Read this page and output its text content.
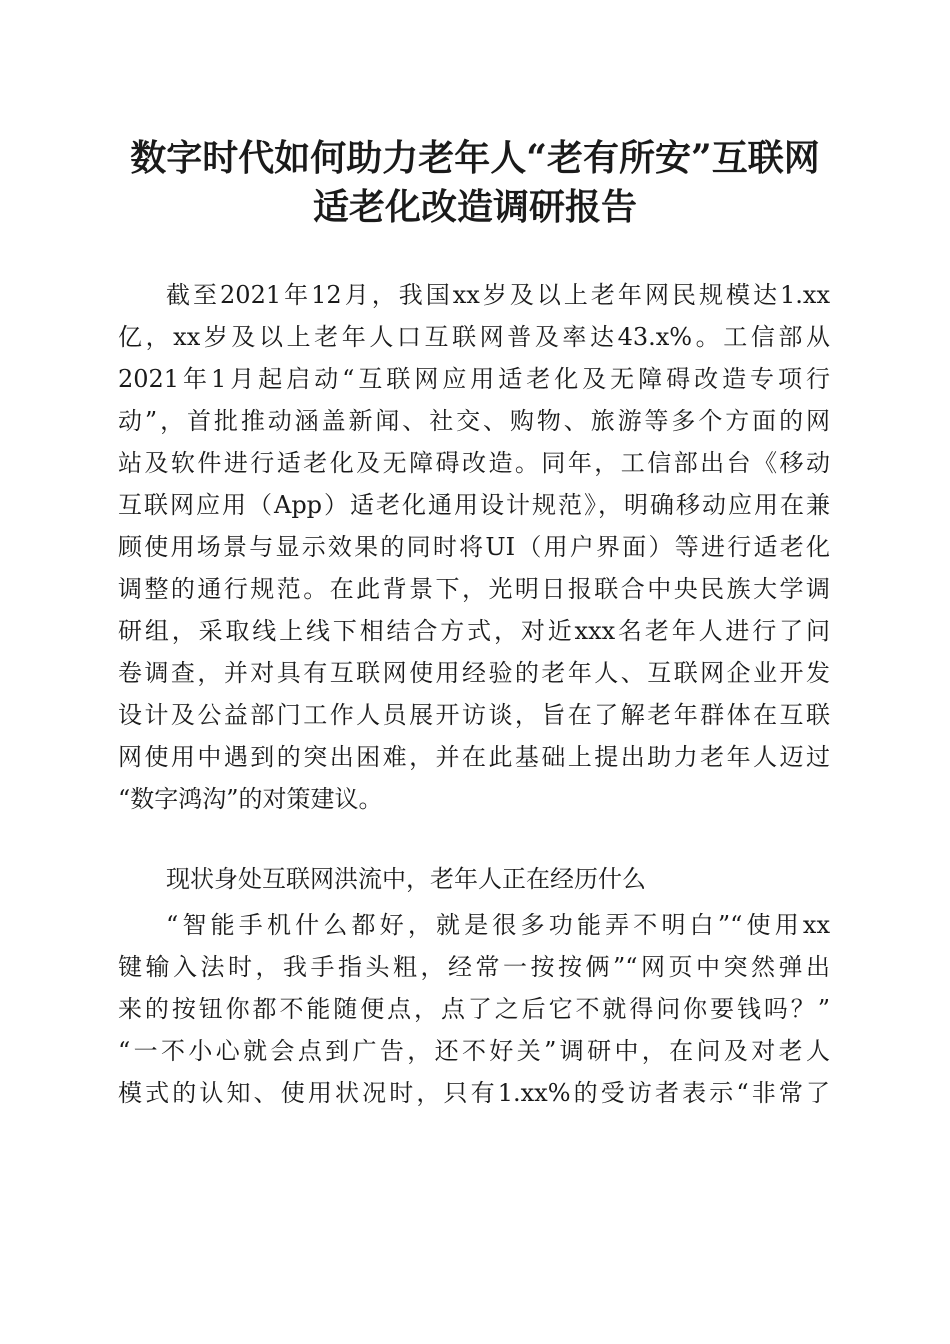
数字时代如何助力老年人“老有所安”互联网
适老化改造调研报告
截至2021年12月，我国xx岁及以上老年网民规模达1.xx
亿，xx岁及以上老年人口互联网普及率达43.x%。工信部从
2021年1月起启动“互联网应用适老化及无障碍改造专项行
动”，首批推动涵盖新闻、社交、购物、旅游等多个方面的网
站及软件进行适老化及无障碍改造。同年，工信部出台《移动
互联网应用（App）适老化通用设计规范》，明确移动应用在兼
顾使用场景与显示效果的同时将UI（用户界面）等进行适老化
调整的通行规范。在此背景下，光明日报联合中央民族大学调
研组，采取线上线下相结合方式，对近xxx名老年人进行了问
卷调查，并对具有互联网使用经验的老年人、互联网企业开发
设计及公益部门工作人员展开访谈，旨在了解老年群体在互联
网使用中遇到的突出困难，并在此基础上提出助力老年人迈过
“数字鸿沟”的对策建议。
现状身处互联网洪流中，老年人正在经历什么
“智能手机什么都好，就是很多功能弄不明白”“使用xx
键输入法时，我手指头粗，经常一按按俩”“网页中突然弹出
来的按钮你都不能随便点，点了之后它不就得问你要钱吗？”
“一不小心就会点到广告，还不好关”调研中，在问及对老人
模式的认知、使用状况时，只有1.xx%的受访者表示“非常了
